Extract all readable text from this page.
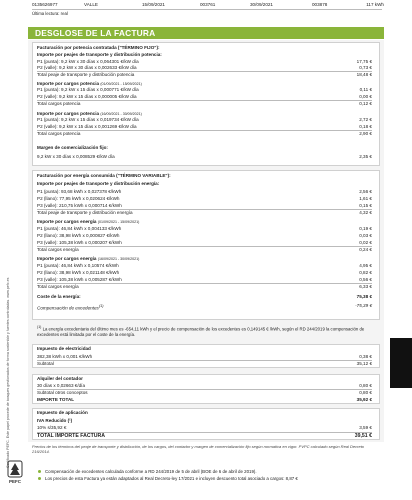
0135626977	VALLE	15/09/2021	003761	30/09/2021	003878	117 kWh
Última lectura: real
DESGLOSE DE LA FACTURA
Facturación por potencia contratada ("TÉRMINO FIJO"):
Importe por peajes de transporte y distribución potencia:
P1 (punta): 9,2 kW x 30 días x 0,064301 €/kW día	17,75 €
P2 (valle): 9,2 kW x 30 días x 0,002633 €/kW día	0,73 €
Total peaje de transporte y distribución potencia	18,48 €
Importe por cargos potencia (01/09/2021 - 15/09/2021)
P1 (punta): 9,2 kW x 15 días x 0,000771 €/kW día	0,11 €
P2 (valle): 9,2 kW x 15 días x 0,000005 €/kW día	0,00 €
Total cargos potencia	0,12 €
Importe por cargos potencia (16/09/2021 - 30/09/2021)
P1 (punta): 9,2 kW x 15 días x 0,019734 €/kW día	2,72 €
P2 (valle): 9,2 kW x 15 días x 0,001269 €/kW día	0,18 €
Total cargos potencia	2,90 €
Margen de comercialización fijo:
9,2 kW x 30 días x 0,008529 €/kW día	2,35 €
Facturación por energía consumida ("TÉRMINO VARIABLE"):
Importe por peajes de transporte y distribución energía:
P1 (punta): 93,68 kWh x 0,027378 €/kWh	2,56 €
P2 (llano): 77,95 kWh x 0,020624 €/kWh	1,61 €
P3 (valle): 210,75 kWh x 0,000714 €/kWh	0,15 €
Total peaje de transporte y distribución energía	4,32 €
Importe por cargos energía (01/09/2021 - 15/09/2021)
P1 (punta): 46,84 kWh x 0,004133 €/kWh	0,19 €
P2 (llano): 38,98 kWh x 0,000827 €/kWh	0,03 €
P3 (valle): 105,38 kWh x 0,000207 €/kWh	0,02 €
Total cargos energía	0,24 €
Importe por cargos energía (16/09/2021 - 30/09/2021)
P1 (punta): 46,84 kWh x 0,10574 €/kWh	4,95 €
P2 (llano): 38,98 kWh x 0,021148 €/kWh	0,82 €
P3 (valle): 105,38 kWh x 0,005287 €/kWh	0,56 €
Total cargos energía	6,33 €
Coste de la energía:	75,38 €
Compensación de excedentes$^{(1)}$	-75,39 €
$^{(1)}$ La energía excedentaria del último mes es -654,11 kWh y el precio de compensación de los excedentes es 0,149145 € /kWh, según el RD 244/2019 la compensación de excedentes está limitada por el coste de la energía.
Impuesto de electricidad
382,38 kWh x 0,001 €/kWh	0,38 €
Subtotal	35,12 €
Alquiler del contador
30 días x 0,02663 €/día	0,80 €
Subtotal otros conceptos	0,80 €
IMPORTE TOTAL	35,92 €
Impuesto de aplicación
IVA Reducido (¹)
10% s/35,92 €	3,59 €
TOTAL IMPORTE FACTURA	39,51 €
Precios de los términos del peaje de transporte y distribución, de los cargos, del contador y margen de comercialización fijo según normativa en vigor. PVPC calculado según Real Decreto 216/2014.
Compensación de excedentes calculada conforme a RD 244/2019 de 5 de abril (BOE de 6 de abril de 2019).
Los precios de esta Factura ya están adaptados al Real Decreto-ley 17/2021 e incluyen descuento total asociado a cargos: 8,87 €
Certificado PEFC. Este papel procede de bosques gestionados de forma sostenible y fuentes controladas. www.pefc.es
PEFC
